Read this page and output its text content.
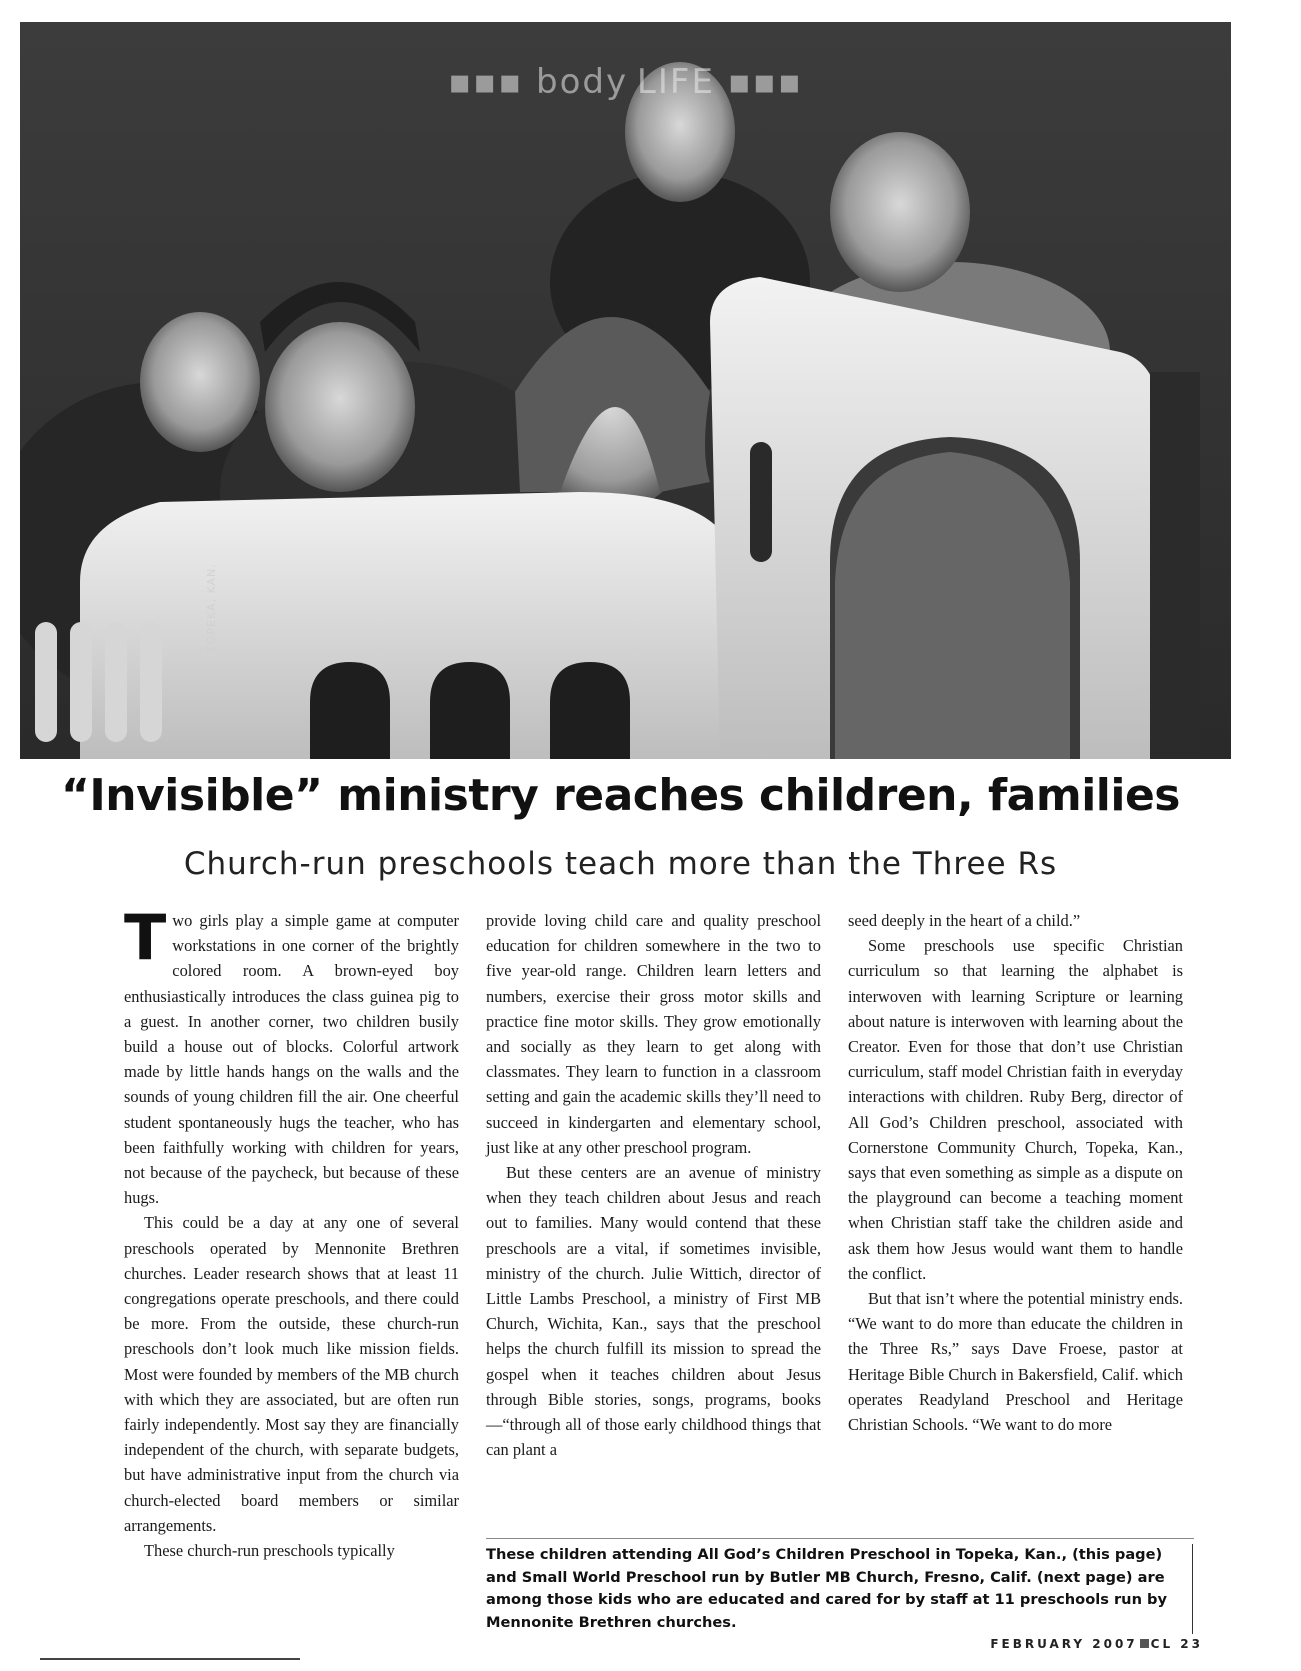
▪▪▪ body LIFE ▪▪▪
TOPEKA, KAN.
“Invisible” ministry reaches children, families
Church-run preschools teach more than the Three Rs
T wo girls play a simple game at computer workstations in one corner of the brightly colored room. A brown-eyed boy enthusiastically introduces the class guinea pig to a guest. In another corner, two children busily build a house out of blocks. Colorful artwork made by little hands hangs on the walls and the sounds of young children fill the air. One cheerful student spontaneously hugs the teacher, who has been faithfully working with children for years, not because of the paycheck, but because of these hugs.

This could be a day at any one of several preschools operated by Mennonite Brethren churches. Leader research shows that at least 11 congregations operate preschools, and there could be more. From the outside, these church-run preschools don’t look much like mission fields. Most were founded by members of the MB church with which they are associated, but are often run fairly independently. Most say they are financially independent of the church, with separate budgets, but have administrative input from the church via church-elected board members or similar arrangements.

These church-run preschools typically

provide loving child care and quality preschool education for children somewhere in the two to five year-old range. Children learn letters and numbers, exercise their gross motor skills and practice fine motor skills. They grow emotionally and socially as they learn to get along with classmates. They learn to function in a classroom setting and gain the academic skills they’ll need to succeed in kindergarten and elementary school, just like at any other preschool program.

But these centers are an avenue of ministry when they teach children about Jesus and reach out to families. Many would contend that these preschools are a vital, if sometimes invisible, ministry of the church. Julie Wittich, director of Little Lambs Preschool, a ministry of First MB Church, Wichita, Kan., says that the preschool helps the church fulfill its mission to spread the gospel when it teaches children about Jesus through Bible stories, songs, programs, books—“through all of those early childhood things that can plant a

seed deeply in the heart of a child.”

Some preschools use specific Christian curriculum so that learning the alphabet is interwoven with learning Scripture or learning about nature is interwoven with learning about the Creator. Even for those that don’t use Christian curriculum, staff model Christian faith in everyday interactions with children. Ruby Berg, director of All God’s Children preschool, associated with Cornerstone Community Church, Topeka, Kan., says that even something as simple as a dispute on the playground can become a teaching moment when Christian staff take the children aside and ask them how Jesus would want them to handle the conflict.

But that isn’t where the potential ministry ends. “We want to do more than educate the children in the Three Rs,” says Dave Froese, pastor at Heritage Bible Church in Bakersfield, Calif. which operates Readyland Preschool and Heritage Christian Schools. “We want to do more

These children attending All God’s Children Preschool in Topeka, Kan., (this page) and Small World Preschool run by Butler MB Church, Fresno, Calif. (next page) are among those kids who are educated and cared for by staff at 11 preschools run by Mennonite Brethren churches.
FEBRUARY 2007 CL 23
